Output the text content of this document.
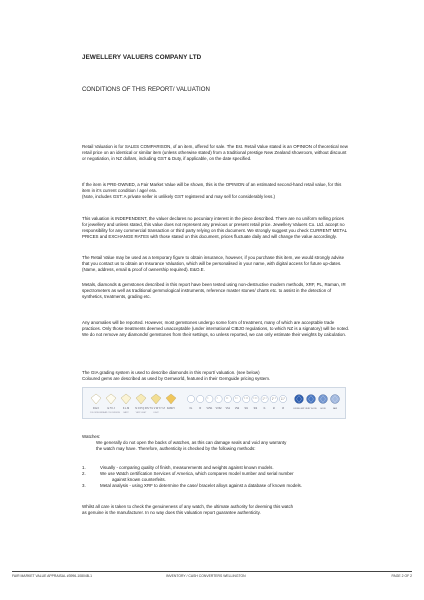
JEWELLERY VALUERS COMPANY LTD
CONDITIONS OF THIS REPORT/ VALUATION

Retail Valuation is for SALES COMPARISON, of an item, offered for sale. The Est. Retail Value stated is an OPINION of theoretical new retail price on an identical or similar item (unless otherwise stated) from a traditional prestige New Zealand showroom, without discount or negotiation, in NZ dollars, including GST & Duty, if applicable, on the date specified.

If the item is PRE-OWNED, a Fair Market Value will be shown, this is the OPINION of an estimated second-hand retail value, for this item in it's current condition / age/ era.

(Note, includes GST: A private seller is unlikely GST registered and may sell for considerably less.)

This valuation is INDEPENDENT, the valuer declares no pecuniary interest in the piece described. There are no uniform selling prices for jewellery and unless stated, this value does not represent any previous or present retail price. Jewellery Valuers Co. Ltd. accept no responsibility for any commercial transaction or third party relying on this document. We strongly suggest you check CURRENT METAL PRICES and EXCHANGE RATES with those stated on this document, prices fluctuate daily and will change the value accordingly.

The Retail Value may be used as a temporary figure to obtain insurance, however, if you purchase this item, we would strongly advise that you contact us to obtain an Insurance Valuation, which will be personalised in your name, with digital access for future up-dates. (Name, address, email & proof of ownership required). E&O.E.

Metals, diamonds & gemstones described in this report have been tested using non-destructive modern methods, XRF, PL, Raman, IR spectrometers as well as traditional gemmological instruments, reference master stones/ charts etc. to assist in the detection of synthetics, treatments, grading etc.

Any anomalies will be reported. However, most gemstones undergo some form of treatment, many of which are acceptable trade practices. Only those treatments deemed unacceptable (under international CIBJO regulations, to which NZ is a signatory) will be noted.

We do not remove any diamonds/ gemstones from their settings, so unless reported, we can only estimate their weights by calculation.

The GIA grading system is used to describe diamonds in this report/ valuation. (see below)

Coloured gems are described as used by Gemworld, featured in their Gemguide pricing system.

D E F
COLOURLESS
G H I J
NEAR COLOURLESS
K L M
FAINT
N O P Q R
VERY LIGHT
S T U V W X Y Z
LIGHT
FANCY	FL	IF VVS1	VVS2	VS1	VS2	SI1	SI2	I1	I2	I3	EXCELLENT VERY GOOD	GOOD	FAIR
Watches:
We generally do not open the backs of watches, as this can damage seals and void any warranty
the watch may have. Therefore, authenticity is checked by the following methods:
1.	Visually - comparing quality of finish, measurements and weights against known models.
2.	We use Watch certification Services of America, which compares model number and serial number
against known counterfeits.
3.	Metal analysis - using XRF to determine the case/ bracelet alloys against a database of known models.
Whilst all care is taken to check the genuineness of any watch, the ultimate authority for deeming this watch
as genuine is the manufacturer. In no way does this valuation report guarantee authenticity.
FAIR MARKET VALUE APPRAISAL #3996-10804B-1	INVENTORY / CASH CONVERTERS WELLINGTON	PAGE 2 OF 2
